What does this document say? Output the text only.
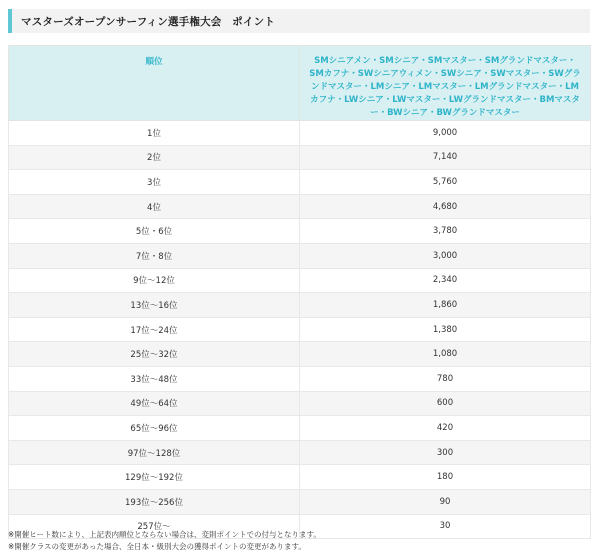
マスターズオープンサーフィン選手権大会　ポイント
順位	SMシニアメン・SMシニア・SMマスター・SMグランドマスター・SMカフナ・SWシニアウィメン・SWシニア・SWマスター・SWグランドマスター・LMシニア・LMマスター・LMグランドマスター・LMカフナ・LWシニア・LWマスター・LWグランドマスター・BMマスター・BWシニア・BWグランドマスター

1位	9,000
2位	7,140
3位	5,760
4位	4,680
5位・6位	3,780
7位・8位	3,000
9位〜12位	2,340
13位〜16位	1,860
17位〜24位	1,380
25位〜32位	1,080
33位〜48位	780
49位〜64位	600
65位〜96位	420
97位〜128位	300
129位〜192位	180
193位〜256位	90
257位〜	30
※開催ヒート数により、上記表内順位とならない場合は、変則ポイントでの付与となります。
※開催クラスの変更があった場合、全日本・級別大会の獲得ポイントの変更があります。
